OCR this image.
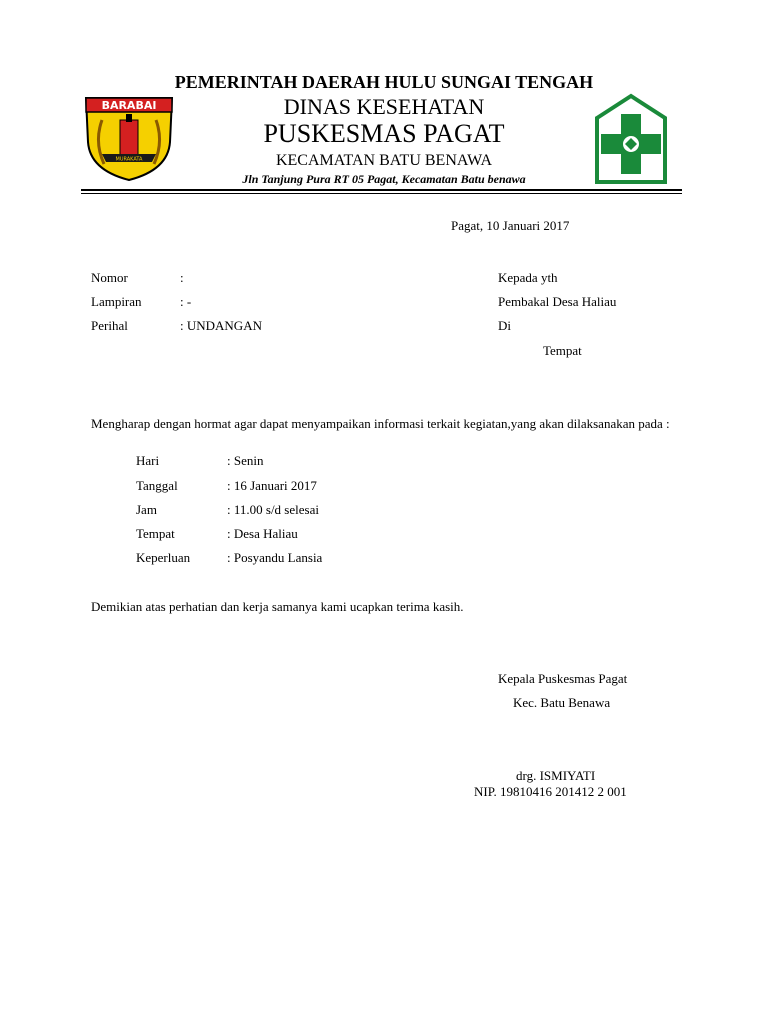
BARABAI
MURAKATA
PEMERINTAH DAERAH HULU SUNGAI TENGAH
DINAS KESEHATAN
PUSKESMAS PAGAT
KECAMATAN BATU BENAWA
Jln Tanjung Pura RT 05 Pagat, Kecamatan Batu benawa
Pagat, 10 Januari 2017
Nomor	:
Lampiran	: -
Perihal	: UNDANGAN
Kepada yth
Pembakal Desa Haliau
Di
Tempat
Mengharap dengan hormat agar dapat menyampaikan informasi terkait kegiatan,yang akan dilaksanakan pada :
Hari	: Senin
Tanggal	: 16 Januari 2017
Jam	: 11.00 s/d selesai
Tempat	: Desa Haliau
Keperluan	: Posyandu Lansia
Demikian atas perhatian dan kerja samanya kami ucapkan terima kasih.
Kepala Puskesmas Pagat
Kec. Batu Benawa
drg. ISMIYATI
NIP. 19810416 201412 2 001
